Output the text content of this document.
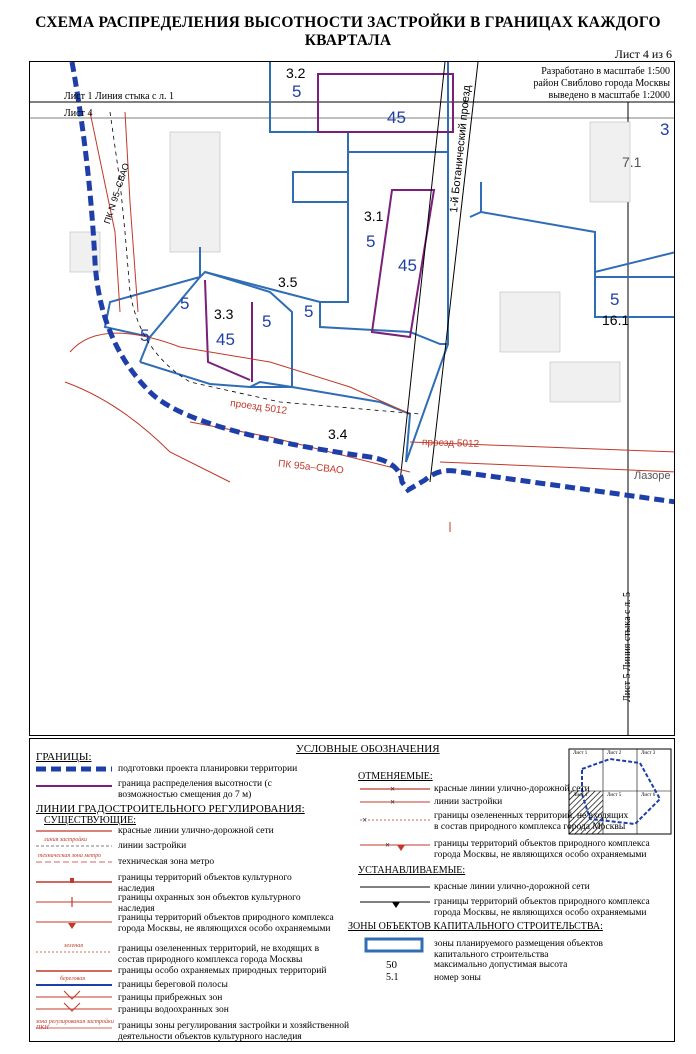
СХЕМА РАСПРЕДЕЛЕНИЯ ВЫСОТНОСТИ ЗАСТРОЙКИ В ГРАНИЦАХ КАЖДОГО КВАРТАЛА
Лист 4 из 6
Разработано в масштабе 1:500
район Свиблово города Москвы
выведено в масштабе 1:2000
Лист 1 Линия стыка с л. 1
Лист 4
Лист 5 Линия стыка с л. 5
1-й Ботанический проезд
проезд 5012
проезд 5012
Лазоре
ПК N 95–СВАО
ПК 95а–СВАО
3.2
5
45
3.1
5
45
3.5
5
3.3
45
5
5
5
3.4
7.1
16.1
5
3
×
×
×
×
УСЛОВНЫЕ ОБОЗНАЧЕНИЯ
ГРАНИЦЫ:
подготовки проекта планировки территории
граница распределения высотности (с возможностью смещения до 7 м)
ЛИНИИ ГРАДОСТРОИТЕЛЬНОГО РЕГУЛИРОВАНИЯ:
СУЩЕСТВУЮЩИЕ:
красные линии улично-дорожной сети
линия застройки
линии застройки
техническая зона метро
техническая зона метро
границы территорий объектов культурного наследия
границы охранных зон объектов культурного наследия
границы территорий объектов природного комплекса города Москвы, не являющихся особо охраняемыми
зеленая	границы озелененных территорий, не входящих в состав природного комплекса города Москвы
границы особо охраняемых природных территорий
береговая
границы береговой полосы
границы прибрежных зон
границы водоохранных зон
зона регулирования застройки ПКН	границы зоны регулирования застройки и хозяйственной деятельности объектов культурного наследия
ОТМЕНЯЕМЫЕ:
красные линии улично-дорожной сети
линии застройки
границы озелененных территорий, не входящих в состав природного комплекса города Москвы
границы территорий объектов природного комплекса города Москвы, не являющихся особо охраняемыми
УСТАНАВЛИВАЕМЫЕ:
красные линии улично-дорожной сети
границы территорий объектов природного комплекса города Москвы, не являющихся особо охраняемыми
ЗОНЫ ОБЪЕКТОВ КАПИТАЛЬНОГО СТРОИТЕЛЬСТВА:
зоны планируемого размещения объектов капитального строительства
50	максимально допустимая высота
5.1	номер зоны
Лист 1	Лист 2	Лист 3
Лист 4	Лист 5	Лист 6
